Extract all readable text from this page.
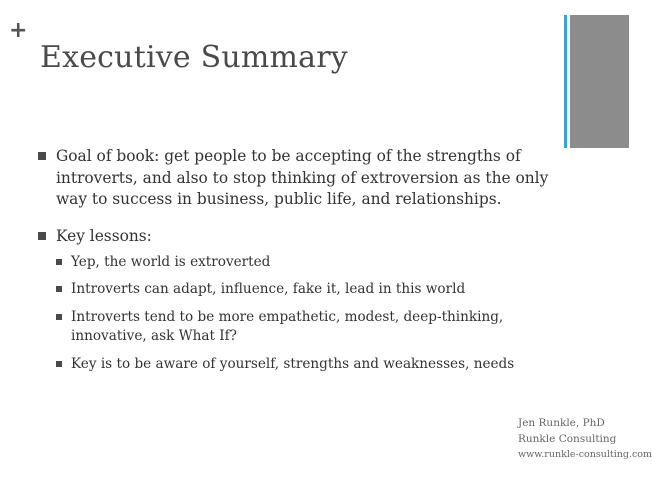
+
Executive Summary
Goal of book: get people to be accepting of the strengths of introverts, and also to stop thinking of extroversion as the only way to success in business, public life, and relationships.
Key lessons:
Yep, the world is extroverted
Introverts can adapt, influence, fake it, lead in this world
Introverts tend to be more empathetic, modest, deep-thinking, innovative, ask What If?
Key is to be aware of yourself, strengths and weaknesses, needs
Jen Runkle, PhD
Runkle Consulting
www.runkle-consulting.com
